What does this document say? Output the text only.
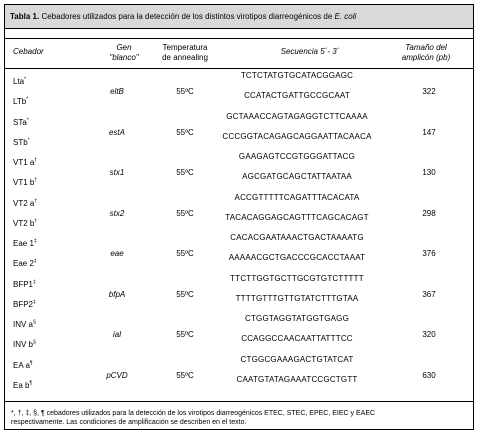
Tabla 1. Cebadores utilizados para la detección de los distintos virotipos diarreogénicos de E. coli
Cebador	Gen
"blanco"
Temperatura
de annealing
Secuencia 5´- 3´	Tamaño del
amplicón (pb)
Lta*	TCTCTATGTGCATACGGAGC
eltB	55ºC	322
LTb*	CCATACTGATTGCCGCAAT
STa*	GCTAAACCAGTAGAGGTCTTCAAAA
estA	55ºC	147
STb*	CCCGGTACAGAGCAGGAATTACAACA
VT1 a†	GAAGAGTCCGTGGGATTACG
stx1	55ºC	130
VT1 b†	AGCGATGCAGCTATTAATAA
VT2 a†	ACCGTTTTTCAGATTTACACATA
stx2	55ºC	298
VT2 b†	TACACAGGAGCAGTTTCAGCACAGT
Eae 1‡	CACACGAATAAACTGACTAAAATG
eae	55ºC	376
Eae 2‡	AAAAACGCTGACCCGCACCTAAAT
BFP1‡	TTCTTGGTGCTTGCGTGTCTTTTT
bfpA	55ºC	367
BFP2‡	TTTTGTTTGTTGTATCTTTGTAA
INV a§	CTGGTAGGTATGGTGAGG
ial	55ºC	320
INV b§	CCAGGCCAACAATTATTTCC
EA a¶	CTGGCGAAAGACTGTATCAT
pCVD	55ºC	630
Ea b¶	CAATGTATAGAAATCCGCTGTT
*, †, ‡, §, ¶ cebadores utilizados para la detección de los virotipos diarreogénicos ETEC, STEC, EPEC, EIEC y EAEC
respectivamente. Las condiciones de amplificación se describen en el texto.
